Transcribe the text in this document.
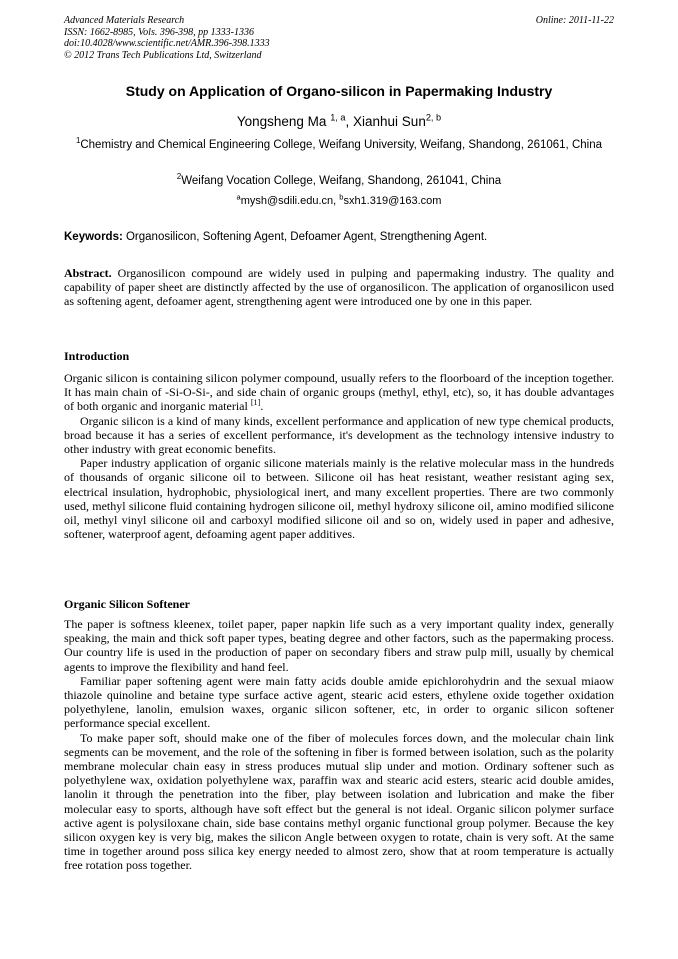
Advanced Materials Research
ISSN: 1662-8985, Vols. 396-398, pp 1333-1336
doi:10.4028/www.scientific.net/AMR.396-398.1333
© 2012 Trans Tech Publications Ltd, Switzerland
Online: 2011-11-22
Study on Application of Organo-silicon in Papermaking Industry
Yongsheng Ma $^{1, a}$, Xianhui Sun$^{2, b}$
$^1$Chemistry and Chemical Engineering College, Weifang University, Weifang, Shandong, 261061, China
$^2$Weifang Vocation College, Weifang, Shandong, 261041, China
$^a$mysh@sdili.edu.cn, $^b$sxh1.319@163.com
Keywords: Organosilicon, Softening Agent, Defoamer Agent, Strengthening Agent.
Abstract. Organosilicon compound are widely used in pulping and papermaking industry. The quality and capability of paper sheet are distinctly affected by the use of organosilicon. The application of organosilicon used as softening agent, defoamer agent, strengthening agent were introduced one by one in this paper.
Introduction

Organic silicon is containing silicon polymer compound, usually refers to the floorboard of the inception together. It has main chain of -Si-O-Si-, and side chain of organic groups (methyl, ethyl, etc), so, it has double advantages of both organic and inorganic material [1].

Organic silicon is a kind of many kinds, excellent performance and application of new type chemical products, broad because it has a series of excellent performance, it's development as the technology intensive industry to other industry with great economic benefits.

Paper industry application of organic silicone materials mainly is the relative molecular mass in the hundreds of thousands of organic silicone oil to between. Silicone oil has heat resistant, weather resistant aging sex, electrical insulation, hydrophobic, physiological inert, and many excellent properties. There are two commonly used, methyl silicone fluid containing hydrogen silicone oil, methyl hydroxy silicone oil, amino modified silicone oil, methyl vinyl silicone oil and carboxyl modified silicone oil and so on, widely used in paper and adhesive, softener, waterproof agent, defoaming agent paper additives.

Organic Silicon Softener

The paper is softness kleenex, toilet paper, paper napkin life such as a very important quality index, generally speaking, the main and thick soft paper types, beating degree and other factors, such as the papermaking process. Our country life is used in the production of paper on secondary fibers and straw pulp mill, usually by chemical agents to improve the flexibility and hand feel.

Familiar paper softening agent were main fatty acids double amide epichlorohydrin and the sexual miaow thiazole quinoline and betaine type surface active agent, stearic acid esters, ethylene oxide together oxidation polyethylene, lanolin, emulsion waxes, organic silicon softener, etc, in order to organic silicon softener performance special excellent.

To make paper soft, should make one of the fiber of molecules forces down, and the molecular chain link segments can be movement, and the role of the softening in fiber is formed between isolation, such as the polarity membrane molecular chain easy in stress produces mutual slip under and motion. Ordinary softener such as polyethylene wax, oxidation polyethylene wax, paraffin wax and stearic acid esters, stearic acid double amides, lanolin it through the penetration into the fiber, play between isolation and lubrication and make the fiber molecular easy to sports, although have soft effect but the general is not ideal. Organic silicon polymer surface active agent is polysiloxane chain, side base contains methyl organic functional group polymer. Because the key silicon oxygen key is very big, makes the silicon Angle between oxygen to rotate, chain is very soft. At the same time in together around poss silica key energy needed to almost zero, show that at room temperature is actually free rotation poss together.
